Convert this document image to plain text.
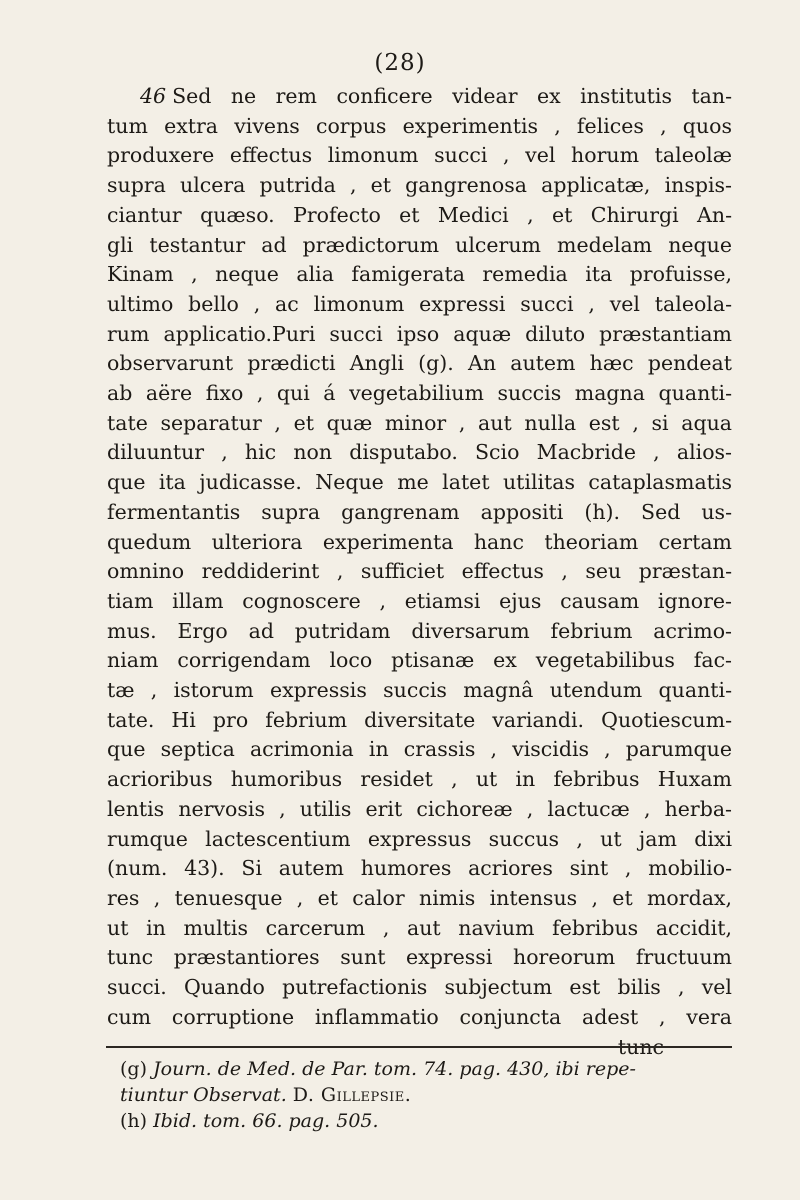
(28)
46 Sed ne rem conficere videar ex institutis tan-
tum extra vivens corpus experimentis , felices , quos
produxere effectus limonum succi , vel horum taleolæ
supra ulcera putrida , et gangrenosa applicatæ, inspis-
ciantur quæso. Profecto et Medici , et Chirurgi An-
gli testantur ad prædictorum ulcerum medelam neque
Kinam , neque alia famigerata remedia ita profuisse,
ultimo bello , ac limonum expressi succi , vel taleola-
rum applicatio.Puri succi ipso aquæ diluto præstantiam
observarunt prædicti Angli (g). An autem hæc pendeat
ab aëre fixo , qui á vegetabilium succis magna quanti-
tate separatur , et quæ minor , aut nulla est , si aqua
diluuntur , hic non disputabo. Scio Macbride , alios-
que ita judicasse. Neque me latet utilitas cataplasmatis
fermentantis supra gangrenam appositi (h). Sed us-
quedum ulteriora experimenta hanc theoriam certam
omnino reddiderint , sufficiet effectus , seu præstan-
tiam illam cognoscere , etiamsi ejus causam ignore-
mus. Ergo ad putridam diversarum febrium acrimo-
niam corrigendam loco ptisanæ ex vegetabilibus fac-
tæ , istorum expressis succis magnâ utendum quanti-
tate. Hi pro febrium diversitate variandi. Quotiescum-
que septica acrimonia in crassis , viscidis , parumque
acrioribus humoribus residet , ut in febribus Huxam
lentis nervosis , utilis erit cichoreæ , lactucæ , herba-
rumque lactescentium expressus succus , ut jam dixi
(num. 43). Si autem humores acriores sint , mobilio-
res , tenuesque , et calor nimis intensus , et mordax,
ut in multis carcerum , aut navium febribus accidit,
tunc præstantiores sunt expressi horeorum fructuum
succi. Quando putrefactionis subjectum est bilis , vel
cum corruptione inflammatio conjuncta adest , vera
tunc
(g) Journ. de Med. de Par. tom. 74. pag. 430, ibi repe-
tiuntur Observat. D. Gillepsie.
(h) Ibid. tom. 66. pag. 505.
